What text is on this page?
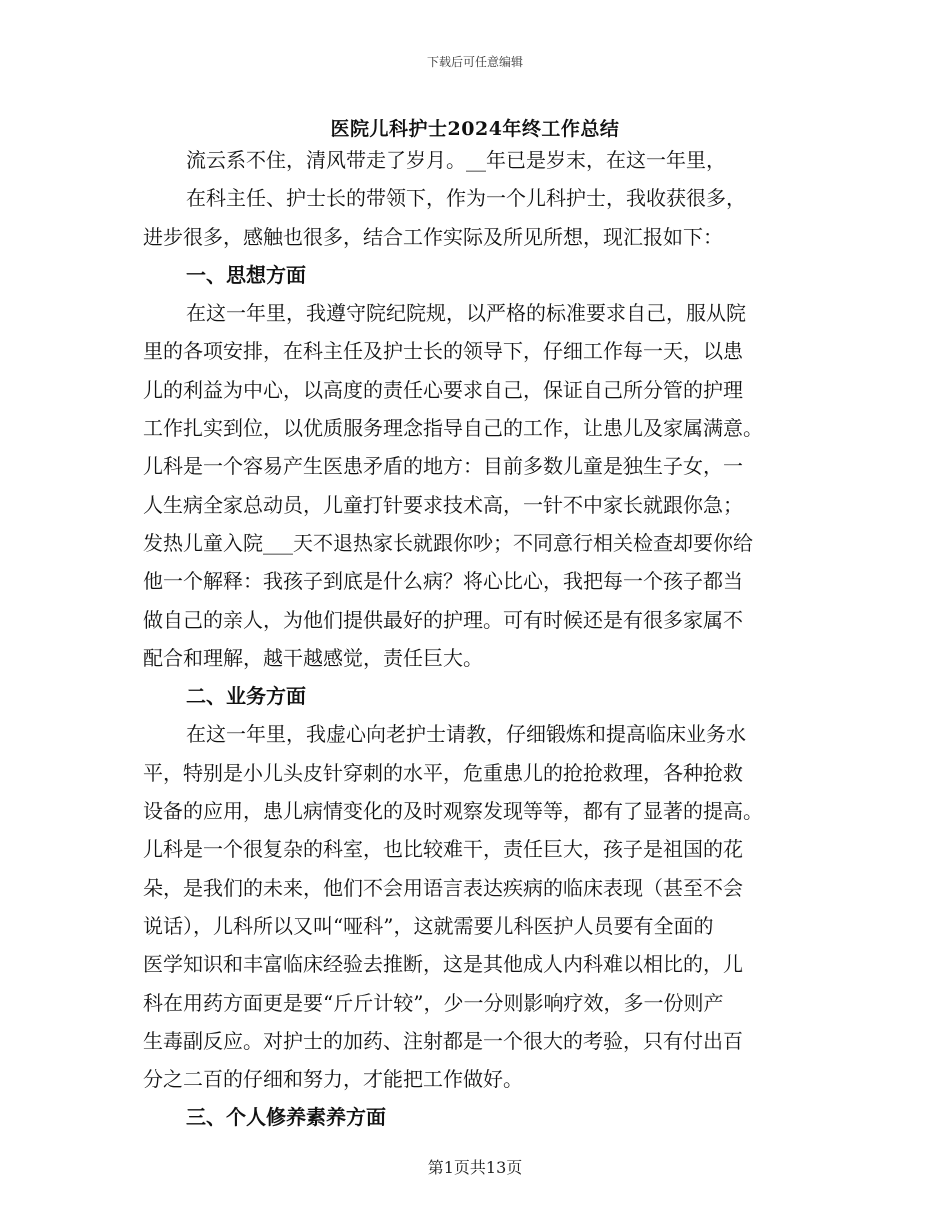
下载后可任意编辑
医院儿科护士2024年终工作总结
流云系不住，清风带走了岁月。__年已是岁末，在这一年里，
在科主任、护士长的带领下，作为一个儿科护士，我收获很多，
进步很多，感触也很多，结合工作实际及所见所想，现汇报如下：
一、思想方面
在这一年里，我遵守院纪院规，以严格的标准要求自己，服从院
里的各项安排，在科主任及护士长的领导下，仔细工作每一天，以患
儿的利益为中心，以高度的责任心要求自己，保证自己所分管的护理
工作扎实到位，以优质服务理念指导自己的工作，让患儿及家属满意。
儿科是一个容易产生医患矛盾的地方：目前多数儿童是独生子女，一
人生病全家总动员，儿童打针要求技术高，一针不中家长就跟你急；
发热儿童入院___天不退热家长就跟你吵；不同意行相关检查却要你给
他一个解释：我孩子到底是什么病？将心比心，我把每一个孩子都当
做自己的亲人，为他们提供最好的护理。可有时候还是有很多家属不
配合和理解，越干越感觉，责任巨大。
二、业务方面
在这一年里，我虚心向老护士请教，仔细锻炼和提高临床业务水
平，特别是小儿头皮针穿刺的水平，危重患儿的抢抢救理，各种抢救
设备的应用，患儿病情变化的及时观察发现等等，都有了显著的提高。
儿科是一个很复杂的科室，也比较难干，责任巨大，孩子是祖国的花
朵，是我们的未来，他们不会用语言表达疾病的临床表现（甚至不会
说话），儿科所以又叫“哑科”，这就需要儿科医护人员要有全面的
医学知识和丰富临床经验去推断，这是其他成人内科难以相比的，儿
科在用药方面更是要“斤斤计较”，少一分则影响疗效，多一份则产
生毒副反应。对护士的加药、注射都是一个很大的考验，只有付出百
分之二百的仔细和努力，才能把工作做好。
三、个人修养素养方面
第1页共13页
